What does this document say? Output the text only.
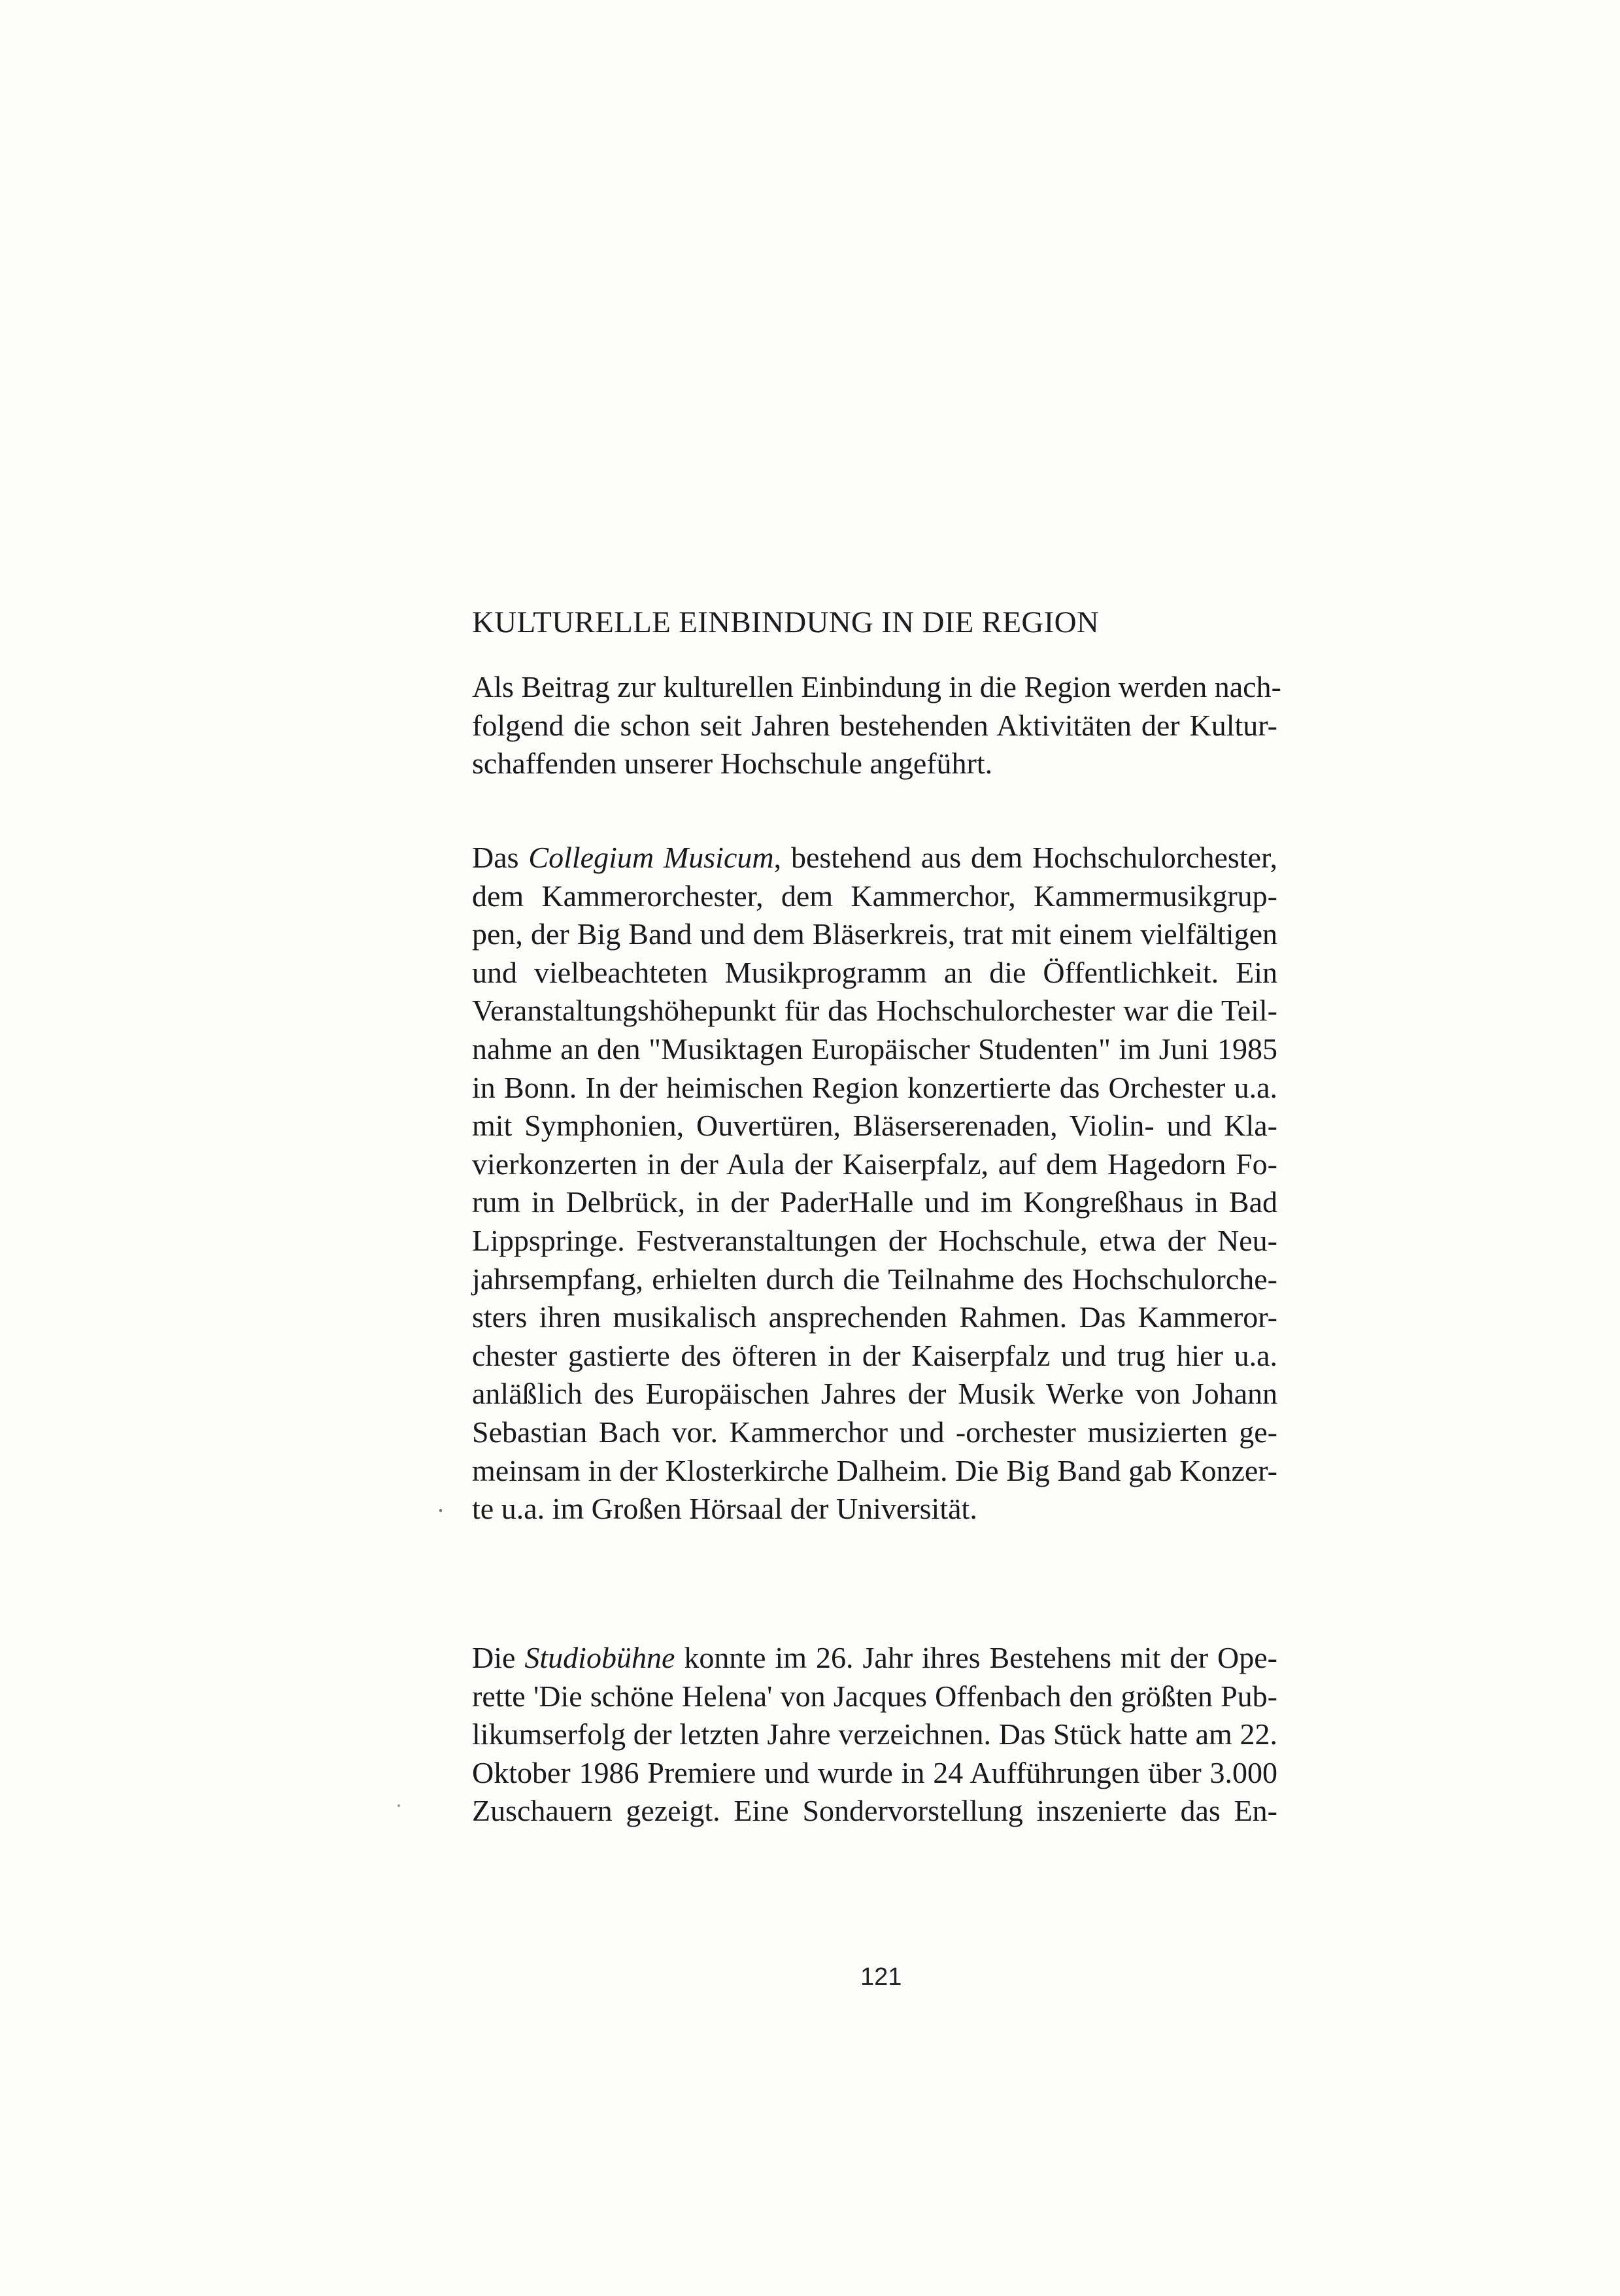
KULTURELLE EINBINDUNG IN DIE REGION
Als Beitrag zur kulturellen Einbindung in die Region werden nach-
folgend die schon seit Jahren bestehenden Aktivitäten der Kultur-
schaffenden unserer Hochschule angeführt.
Das Collegium Musicum, bestehend aus dem Hochschulorchester,
dem Kammerorchester, dem Kammerchor, Kammermusikgrup-
pen, der Big Band und dem Bläserkreis, trat mit einem vielfältigen
und vielbeachteten Musikprogramm an die Öffentlichkeit. Ein
Veranstaltungshöhepunkt für das Hochschulorchester war die Teil-
nahme an den "Musiktagen Europäischer Studenten" im Juni 1985
in Bonn. In der heimischen Region konzertierte das Orchester u.a.
mit Symphonien, Ouvertüren, Bläserserenaden, Violin- und Kla-
vierkonzerten in der Aula der Kaiserpfalz, auf dem Hagedorn Fo-
rum in Delbrück, in der PaderHalle und im Kongreßhaus in Bad
Lippspringe. Festveranstaltungen der Hochschule, etwa der Neu-
jahrsempfang, erhielten durch die Teilnahme des Hochschulorche-
sters ihren musikalisch ansprechenden Rahmen. Das Kammeror-
chester gastierte des öfteren in der Kaiserpfalz und trug hier u.a.
anläßlich des Europäischen Jahres der Musik Werke von Johann
Sebastian Bach vor. Kammerchor und -orchester musizierten ge-
meinsam in der Klosterkirche Dalheim. Die Big Band gab Konzer-
te u.a. im Großen Hörsaal der Universität.
Die Studiobühne konnte im 26. Jahr ihres Bestehens mit der Ope-
rette 'Die schöne Helena' von Jacques Offenbach den größten Pub-
likumserfolg der letzten Jahre verzeichnen. Das Stück hatte am 22.
Oktober 1986 Premiere und wurde in 24 Aufführungen über 3.000
Zuschauern gezeigt. Eine Sondervorstellung inszenierte das En-
121
